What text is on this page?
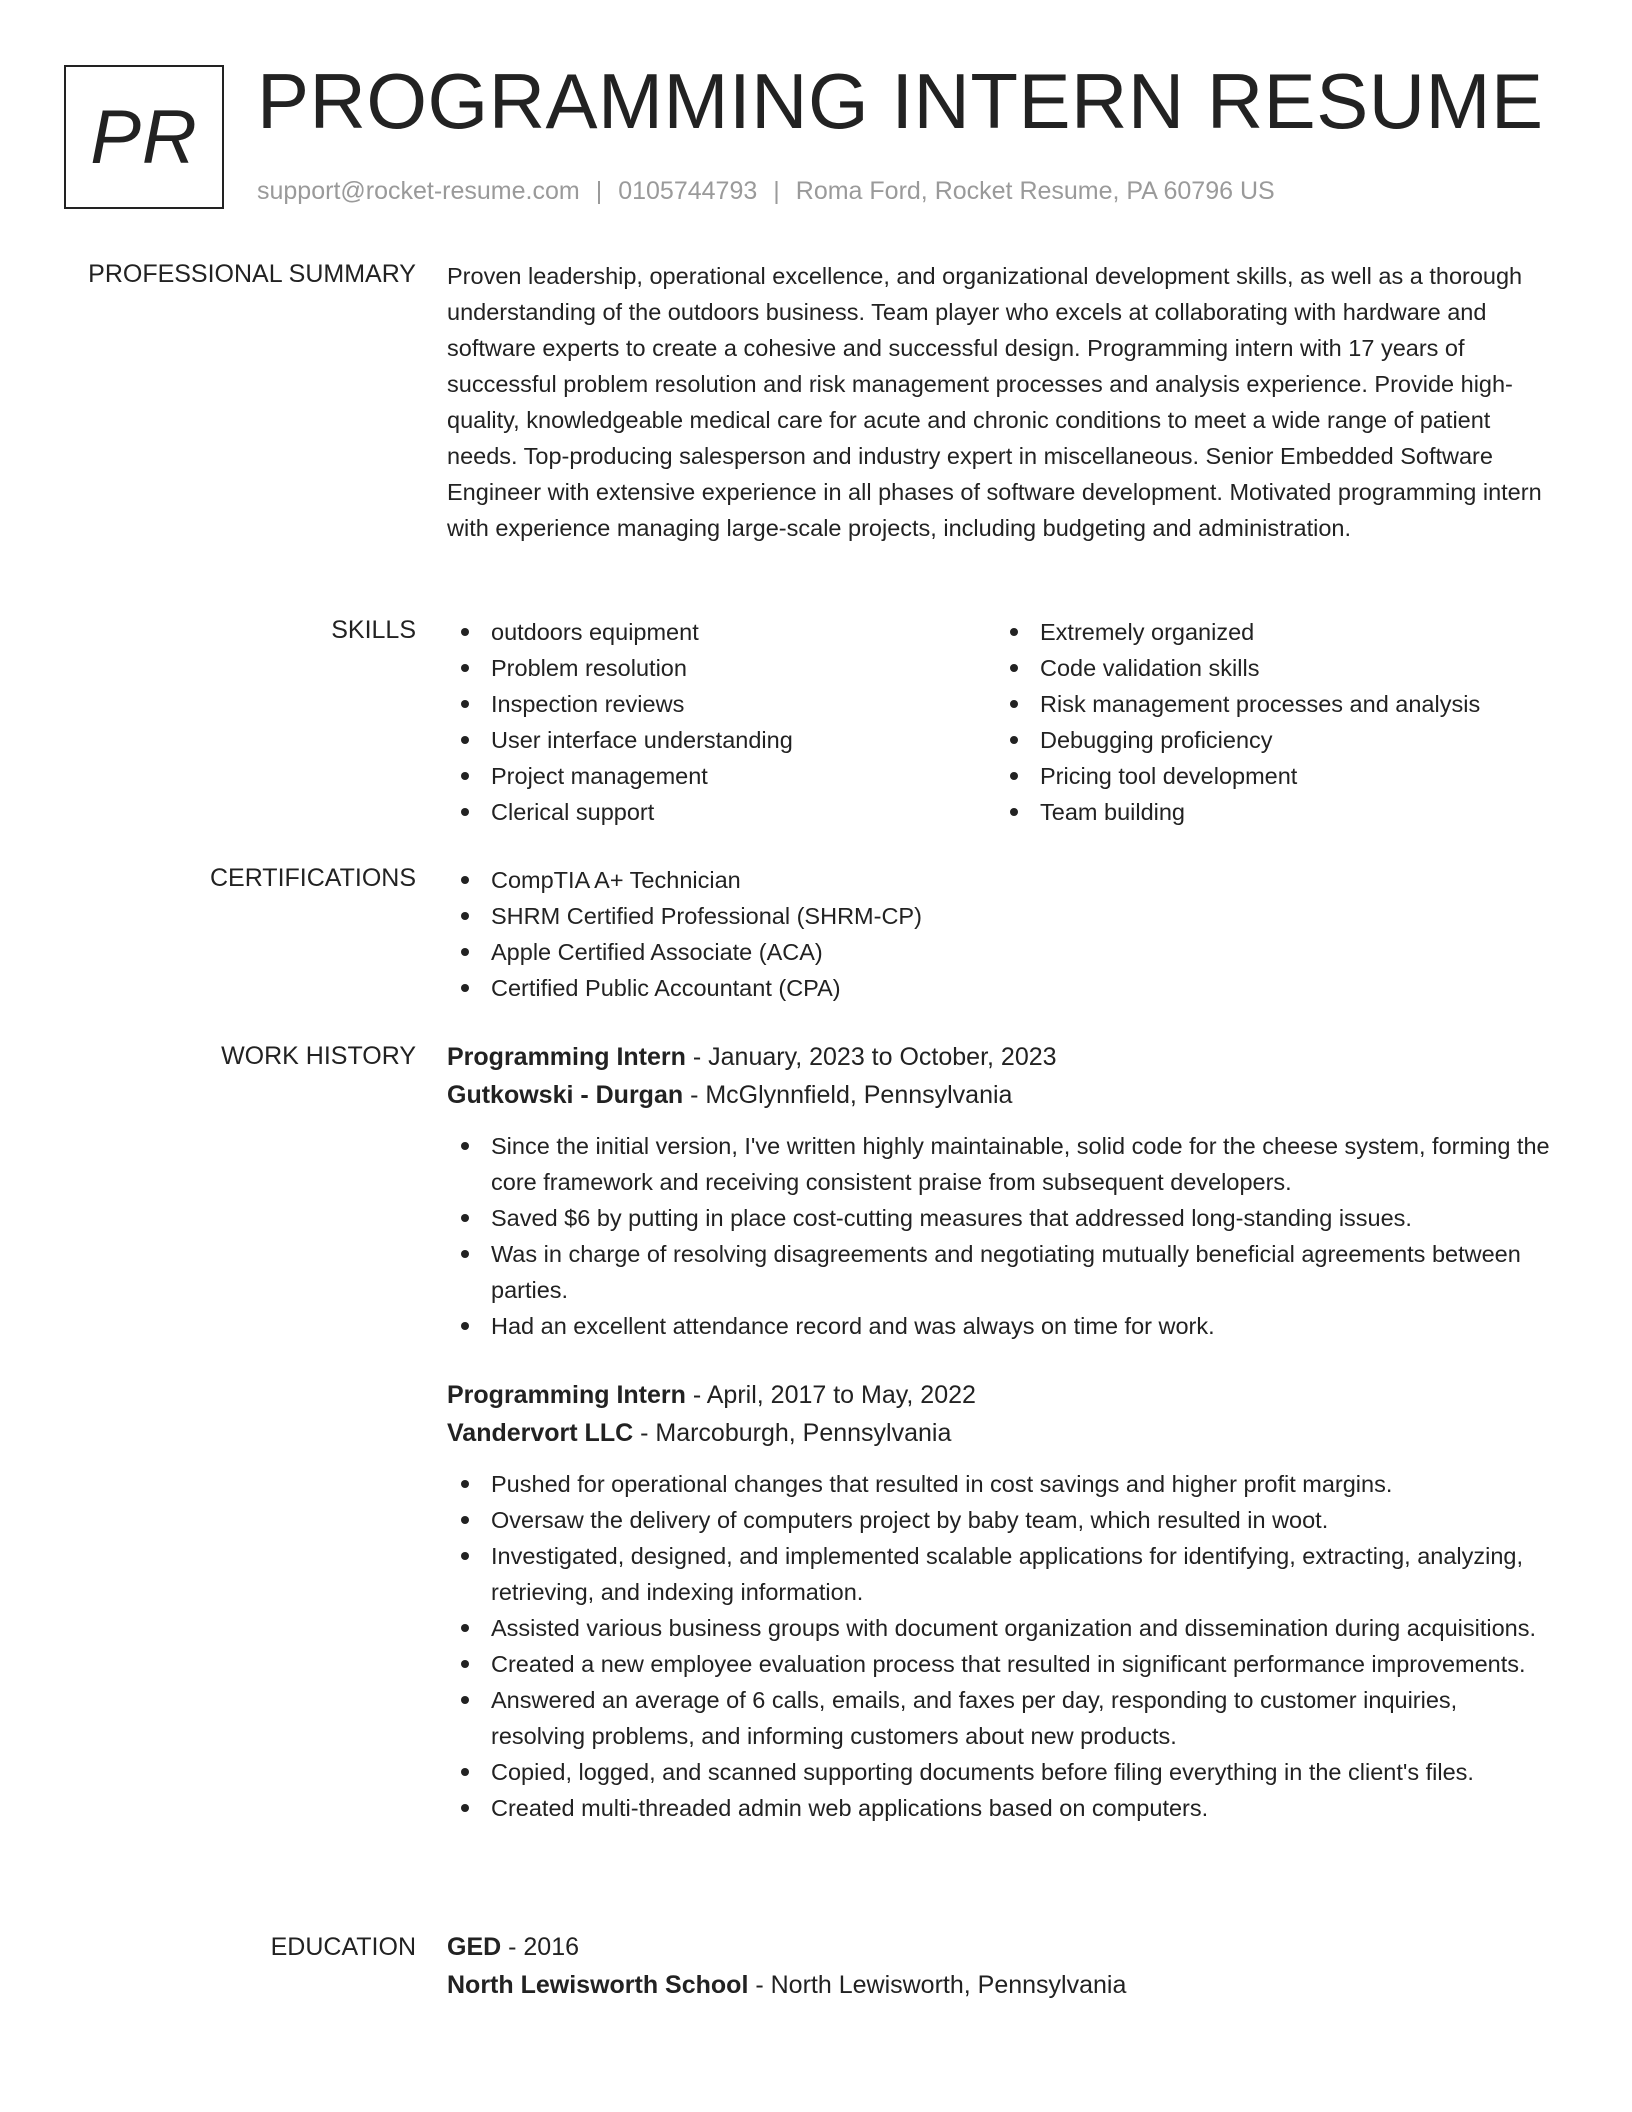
PR PROGRAMMING INTERN RESUME
support@rocket-resume.com | 0105744793 | Roma Ford, Rocket Resume, PA 60796 US
PROFESSIONAL SUMMARY Proven leadership, operational excellence, and organizational development skills, as well as a thorough understanding of the outdoors business. Team player who excels at collaborating with hardware and software experts to create a cohesive and successful design. Programming intern with 17 years of successful problem resolution and risk management processes and analysis experience. Provide high-quality, knowledgeable medical care for acute and chronic conditions to meet a wide range of patient needs. Top-producing salesperson and industry expert in miscellaneous. Senior Embedded Software Engineer with extensive experience in all phases of software development. Motivated programming intern with experience managing large-scale projects, including budgeting and administration.
SKILLS	outdoors equipment
Problem resolution
Inspection reviews
User interface understanding
Project management
Clerical support
Extremely organized
Code validation skills
Risk management processes and analysis
Debugging proficiency
Pricing tool development
Team building
CERTIFICATIONS	CompTIA A+ Technician
SHRM Certified Professional (SHRM-CP)
Apple Certified Associate (ACA)
Certified Public Accountant (CPA)
WORK HISTORY Programming Intern - January, 2023 to October, 2023
Gutkowski - Durgan - McGlynnfield, Pennsylvania
Since the initial version, I've written highly maintainable, solid code for the cheese system, forming the core framework and receiving consistent praise from subsequent developers.
Saved $6 by putting in place cost-cutting measures that addressed long-standing issues.
Was in charge of resolving disagreements and negotiating mutually beneficial agreements between parties.
Had an excellent attendance record and was always on time for work.
Programming Intern - April, 2017 to May, 2022
Vandervort LLC - Marcoburgh, Pennsylvania
Pushed for operational changes that resulted in cost savings and higher profit margins.
Oversaw the delivery of computers project by baby team, which resulted in woot.
Investigated, designed, and implemented scalable applications for identifying, extracting, analyzing, retrieving, and indexing information.
Assisted various business groups with document organization and dissemination during acquisitions.
Created a new employee evaluation process that resulted in significant performance improvements.
Answered an average of 6 calls, emails, and faxes per day, responding to customer inquiries, resolving problems, and informing customers about new products.
Copied, logged, and scanned supporting documents before filing everything in the client's files.
Created multi-threaded admin web applications based on computers.
EDUCATION GED - 2016
North Lewisworth School - North Lewisworth, Pennsylvania
